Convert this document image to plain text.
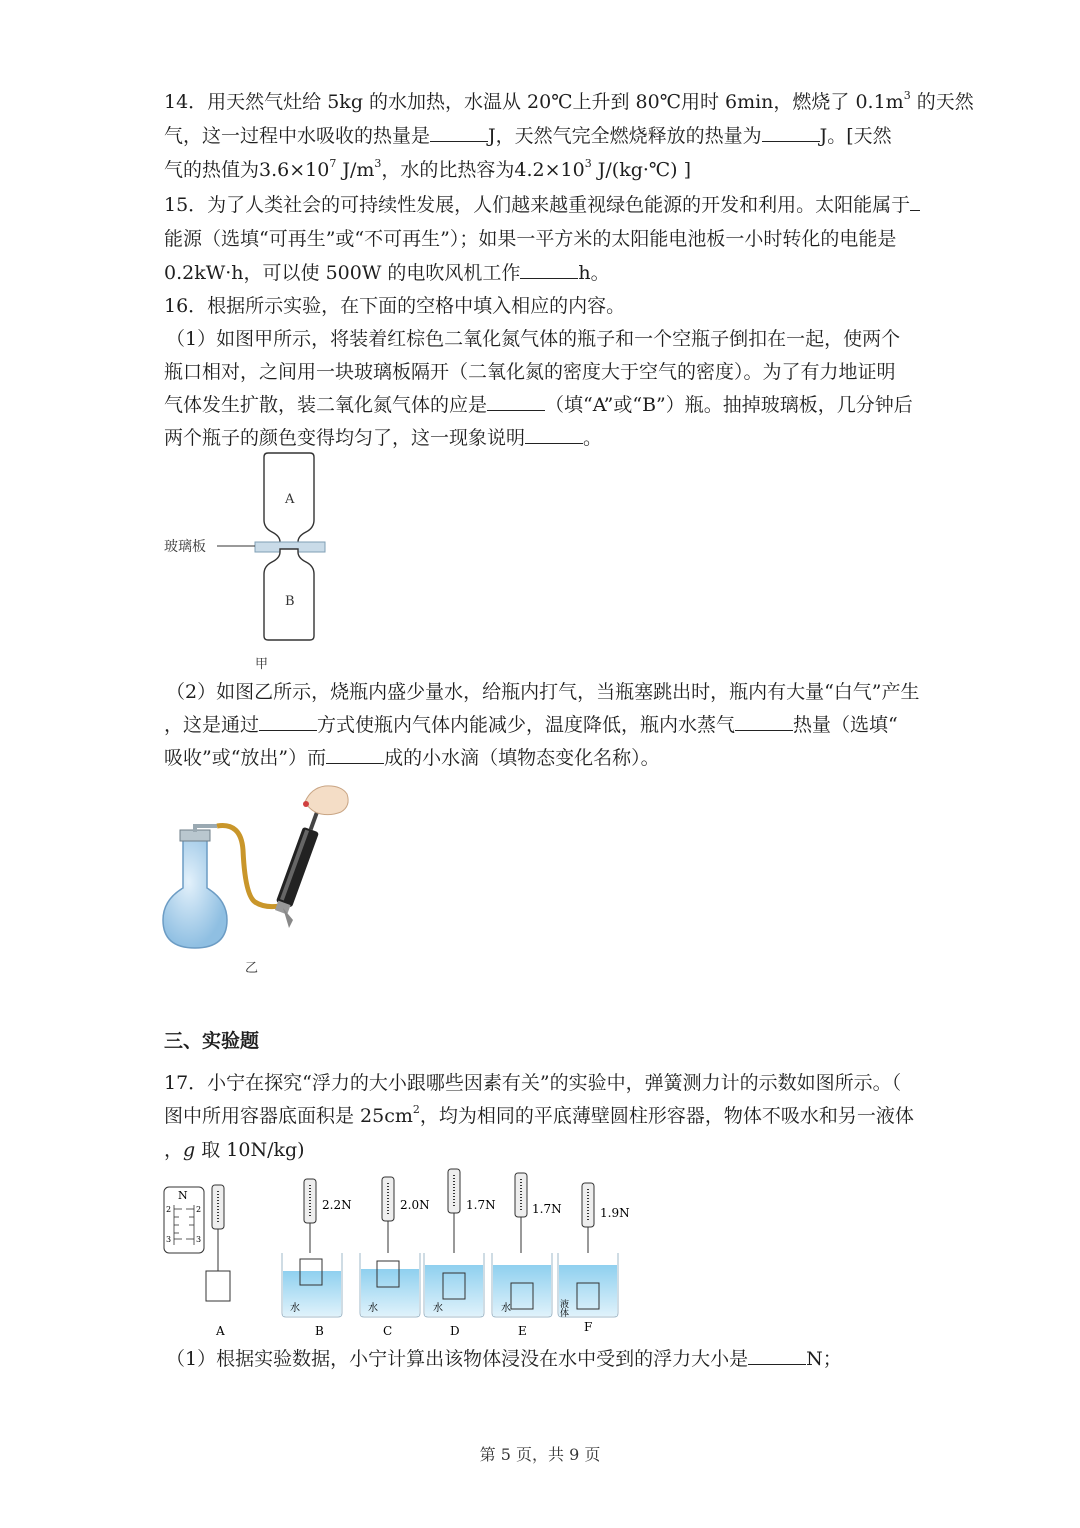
14．用天然气灶给 5kg 的水加热，水温从 20℃上升到 80℃用时 6min，燃烧了 $0.1m^3$ 的天然
气，这一过程中水吸收的热量是	J，天然气完全燃烧释放的热量为	J。[天然
气的热值为$3.6\times 10^7$ $J/m^3$，水的比热容为$4.2\times 10^3$ J/(kg·℃) ]
15．为了人类社会的可持续性发展，人们越来越重视绿色能源的开发和利用。太阳能属于
能源（选填“可再生”或“不可再生”）；如果一平方米的太阳能电池板一小时转化的电能是
0.2kW·h，可以使 500W 的电吹风机工作	h。
16．根据所示实验，在下面的空格中填入相应的内容。
（1）如图甲所示，将装着红棕色二氧化氮气体的瓶子和一个空瓶子倒扣在一起，使两个
瓶口相对，之间用一块玻璃板隔开（二氧化氮的密度大于空气的密度）。为了有力地证明
气体发生扩散，装二氧化氮气体的应是	（填“A”或“B”）瓶。抽掉玻璃板，几分钟后
两个瓶子的颜色变得均匀了，这一现象说明	。
玻璃板
A
B
甲
（2）如图乙所示，烧瓶内盛少量水，给瓶内打气，当瓶塞跳出时，瓶内有大量“白气”产生
，这是通过	方式使瓶内气体内能减少，温度降低，瓶内水蒸气	热量（选填“
吸收”或“放出”）而	成的小水滴（填物态变化名称）。
乙
三、实验题
17．小宁在探究“浮力的大小跟哪些因素有关”的实验中，弹簧测力计的示数如图所示。（
图中所用容器底面积是 $25cm^2$，均为相同的平底薄壁圆柱形容器，物体不吸水和另一液体
，g 取 10N/kg)
N
2
3
2
3
A
2.2N
水
B
2.0N
水
C
1.7N
水
D
1.7N
水
E
1.9N
液体
F
（1）根据实验数据，小宁计算出该物体浸没在水中受到的浮力大小是	N；
第 5 页，共 9 页
